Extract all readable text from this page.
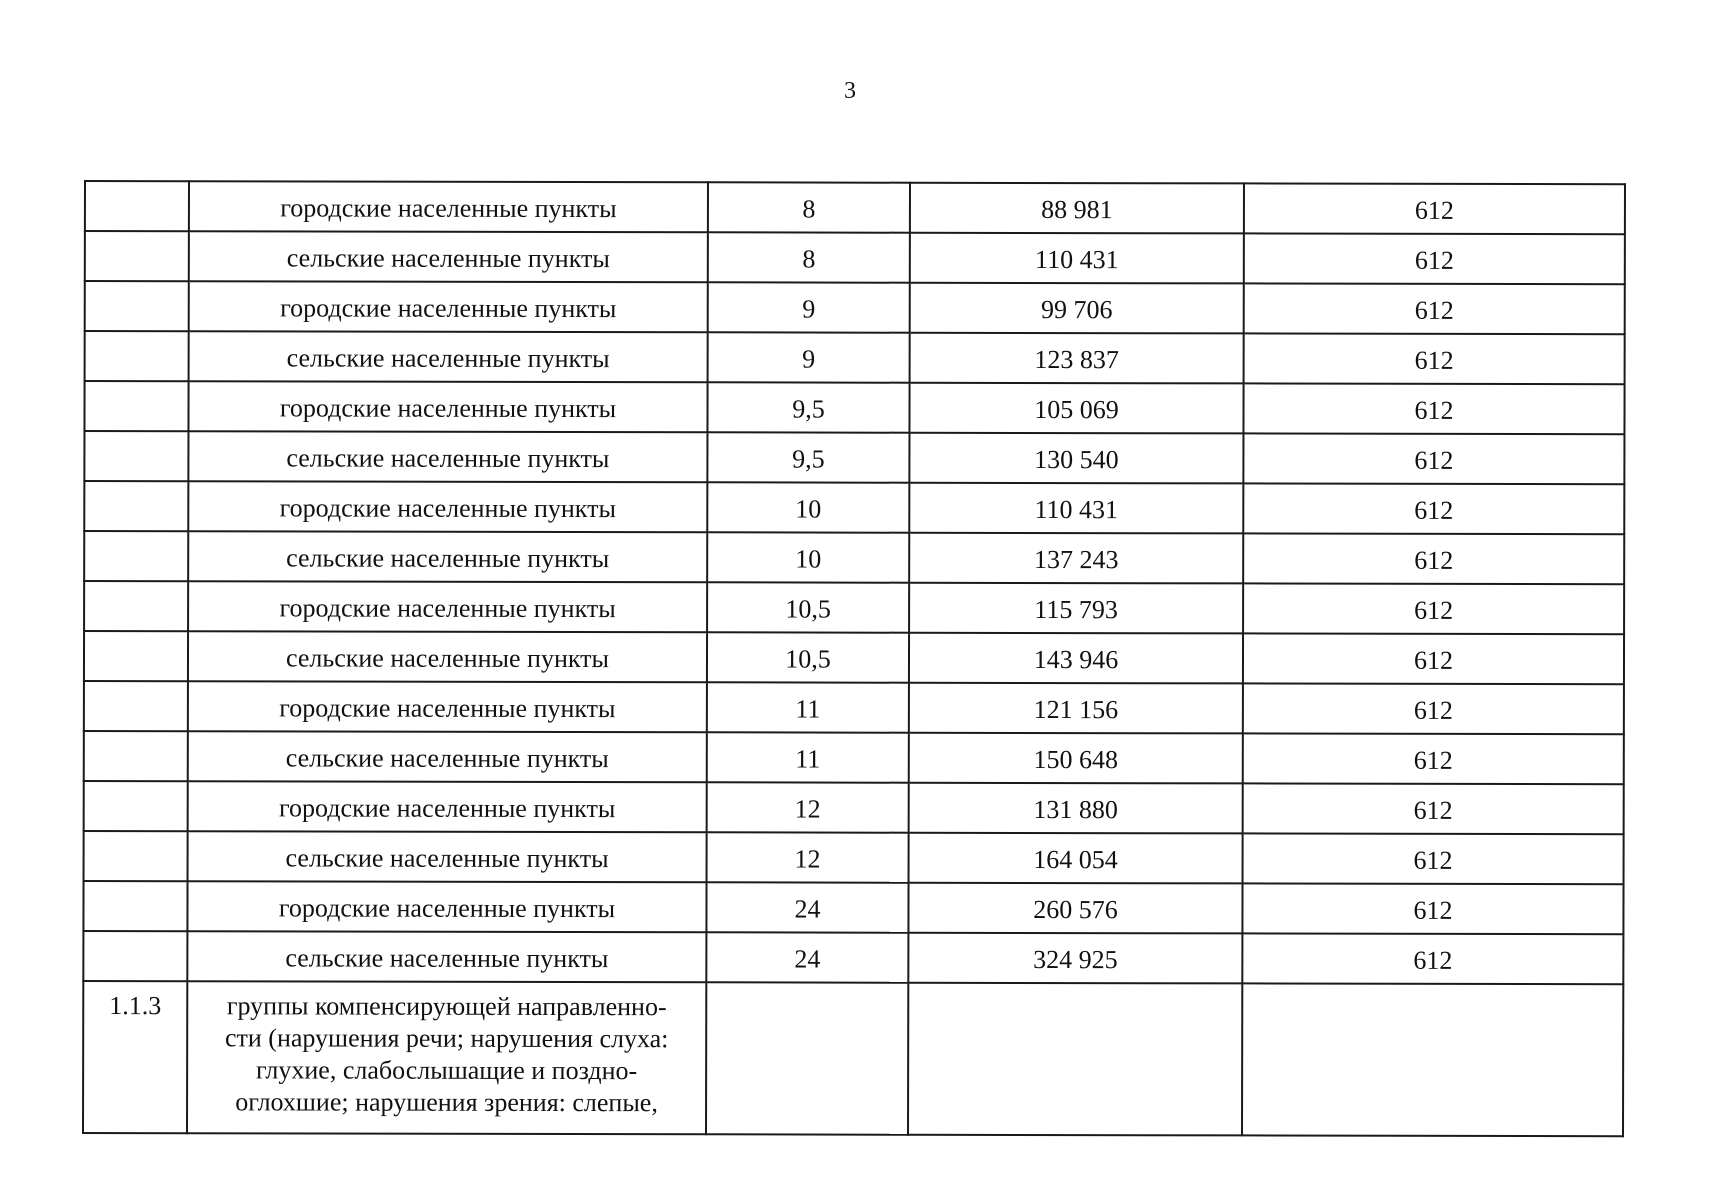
3
	городские населенные пункты	8	88 981	612
	сельские населенные пункты	8	110 431	612
	городские населенные пункты	9	99 706	612
	сельские населенные пункты	9	123 837	612
	городские населенные пункты	9,5	105 069	612
	сельские населенные пункты	9,5	130 540	612
	городские населенные пункты	10	110 431	612
	сельские населенные пункты	10	137 243	612
	городские населенные пункты	10,5	115 793	612
	сельские населенные пункты	10,5	143 946	612
	городские населенные пункты	11	121 156	612
	сельские населенные пункты	11	150 648	612
	городские населенные пункты	12	131 880	612
	сельские населенные пункты	12	164 054	612
	городские населенные пункты	24	260 576	612
	сельские населенные пункты	24	324 925	612
1.1.3	группы компенсирующей направленно-
сти (нарушения речи; нарушения слуха:
глухие, слабослышащие и поздно-
оглохшие; нарушения зрения: слепые,			
